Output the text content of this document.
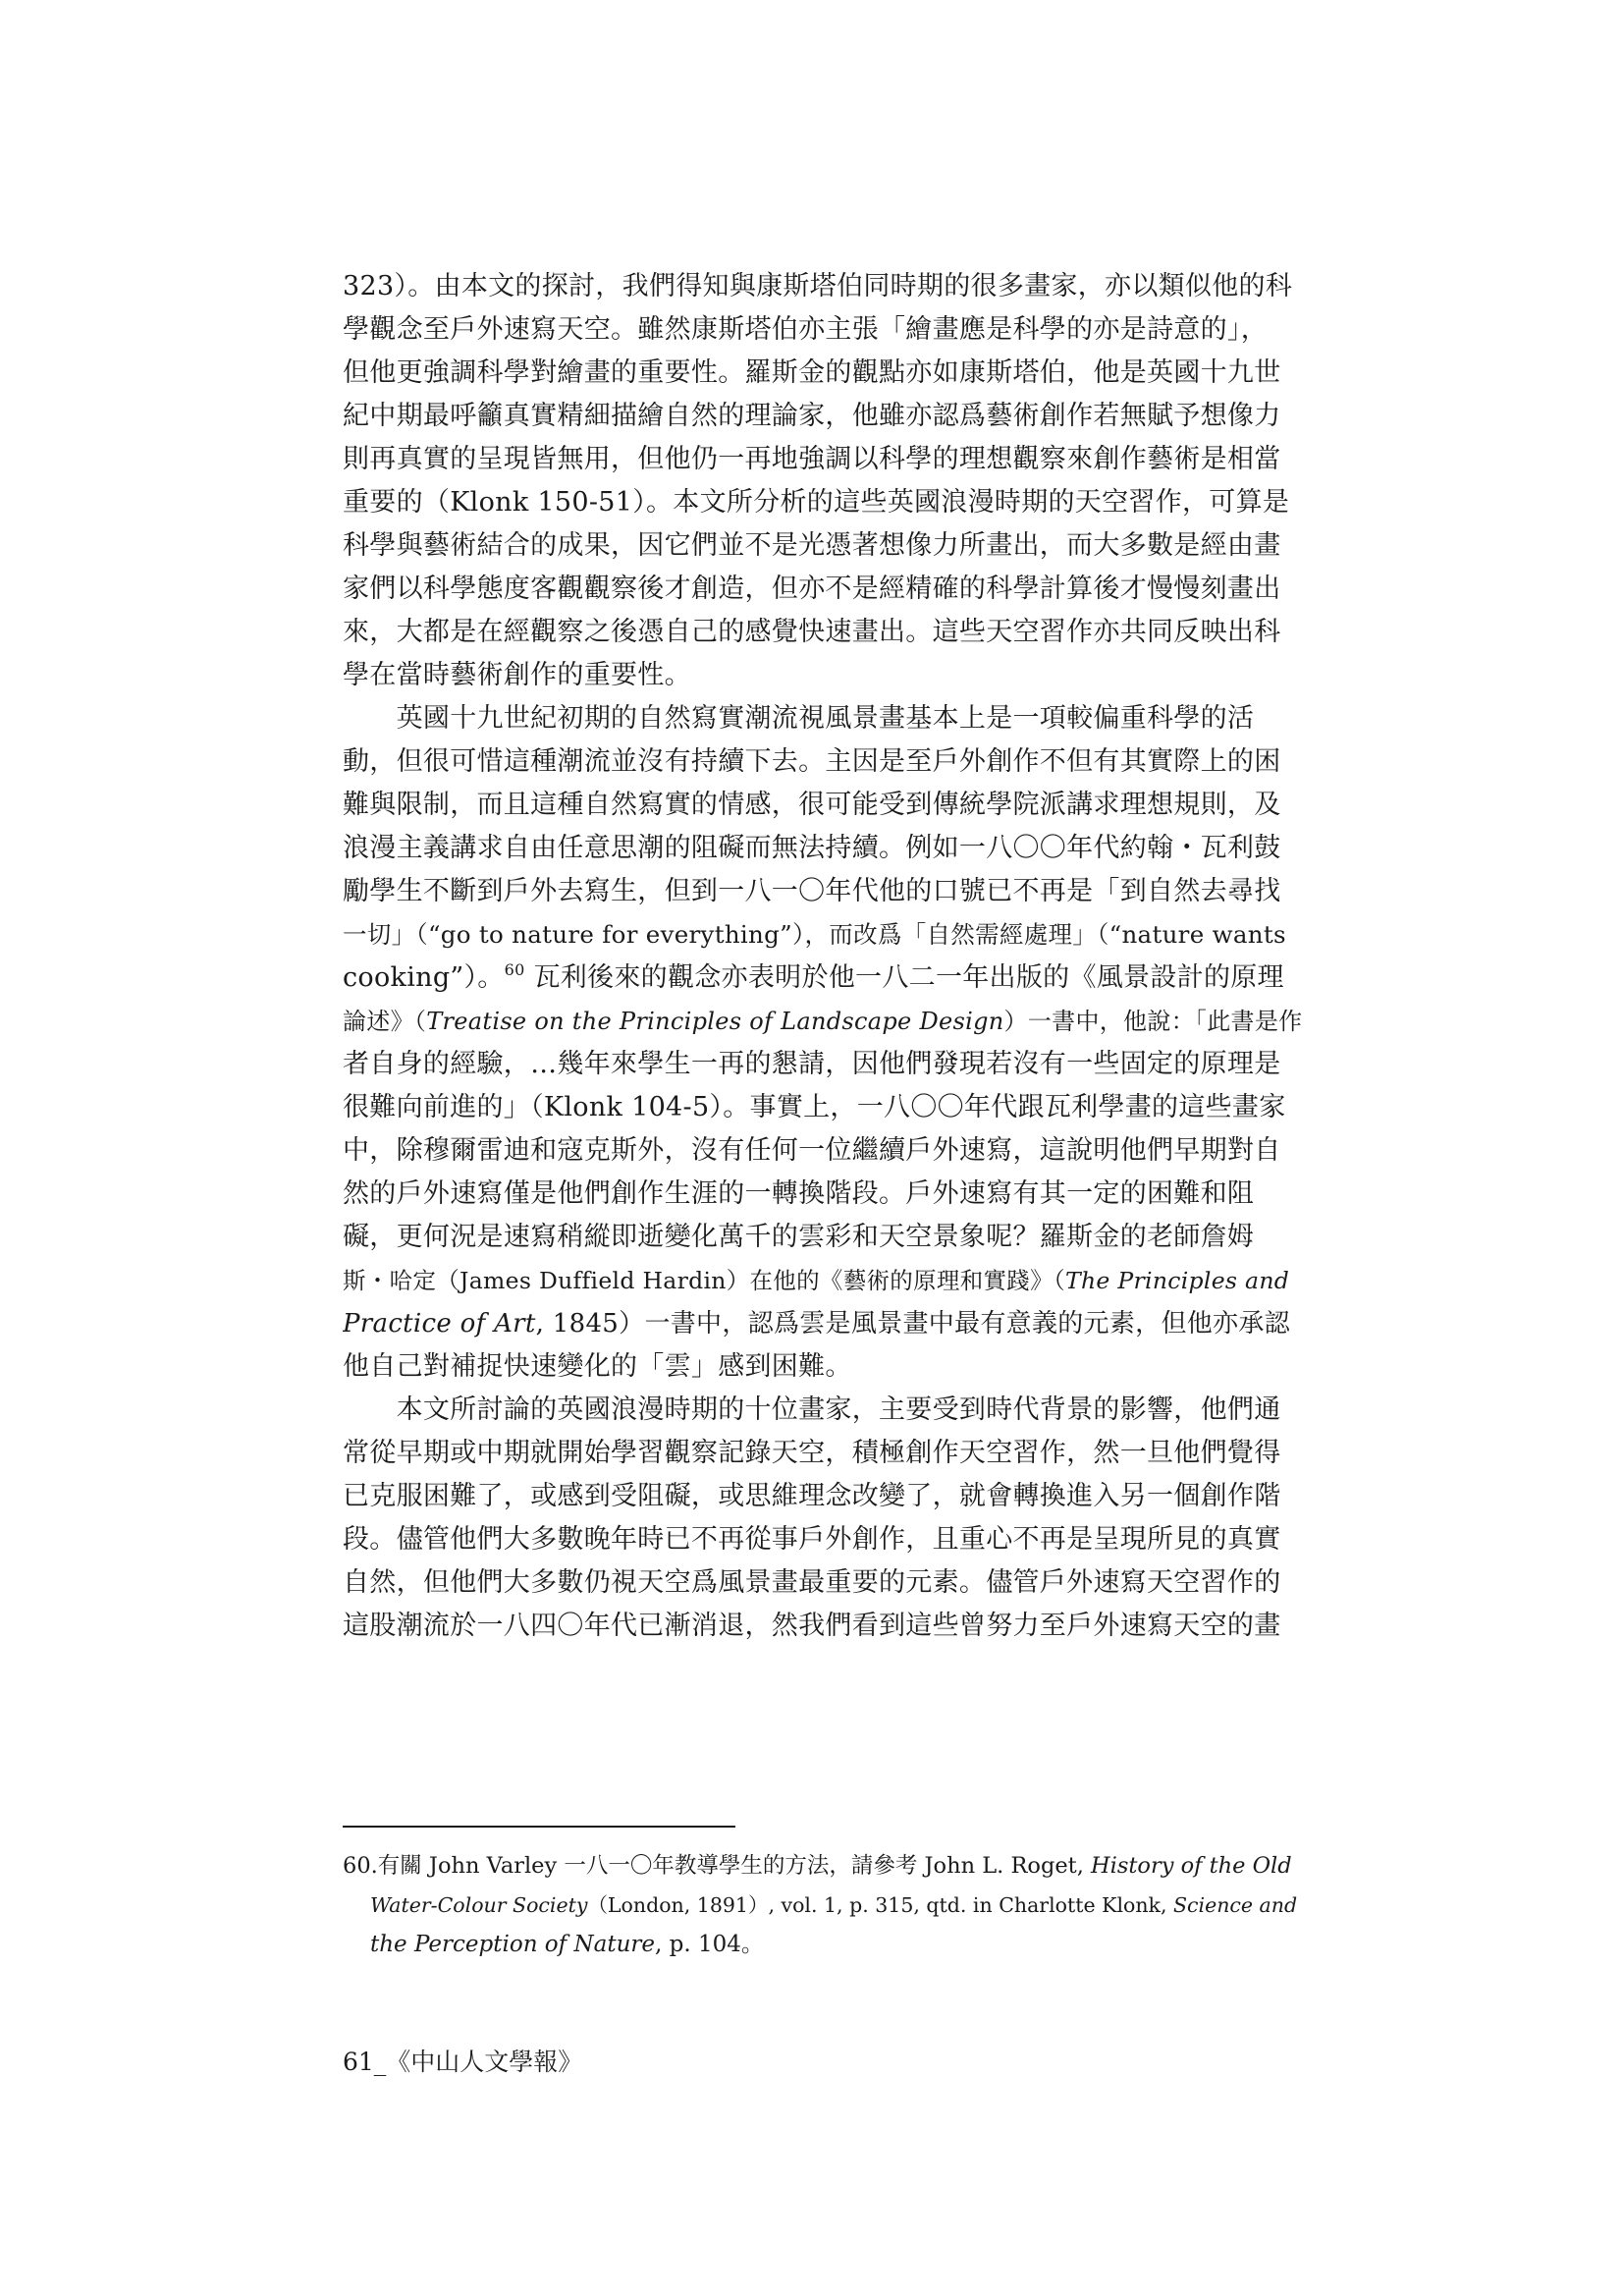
323）。由本文的探討，我們得知與康斯塔伯同時期的很多畫家，亦以類似他的科
學觀念至戶外速寫天空。雖然康斯塔伯亦主張「繪畫應是科學的亦是詩意的」，
但他更強調科學對繪畫的重要性。羅斯金的觀點亦如康斯塔伯，他是英國十九世
紀中期最呼籲真實精細描繪自然的理論家，他雖亦認爲藝術創作若無賦予想像力
則再真實的呈現皆無用，但他仍一再地強調以科學的理想觀察來創作藝術是相當
重要的（Klonk 150-51）。本文所分析的這些英國浪漫時期的天空習作，可算是
科學與藝術結合的成果，因它們並不是光憑著想像力所畫出，而大多數是經由畫
家們以科學態度客觀觀察後才創造，但亦不是經精確的科學計算後才慢慢刻畫出
來，大都是在經觀察之後憑自己的感覺快速畫出。這些天空習作亦共同反映出科
學在當時藝術創作的重要性。
　　英國十九世紀初期的自然寫實潮流視風景畫基本上是一項較偏重科學的活
動，但很可惜這種潮流並沒有持續下去。主因是至戶外創作不但有其實際上的困
難與限制，而且這種自然寫實的情感，很可能受到傳統學院派講求理想規則，及
浪漫主義講求自由任意思潮的阻礙而無法持續。例如一八〇〇年代約翰・瓦利鼓
勵學生不斷到戶外去寫生，但到一八一〇年代他的口號已不再是「到自然去尋找
一切」（“go to nature for everything”），而改爲「自然需經處理」（“nature wants
cooking”）。$^{60}$ 瓦利後來的觀念亦表明於他一八二一年出版的《風景設計的原理
論述》（Treatise on the Principles of Landscape Design）一書中，他說：「此書是作
者自身的經驗，…幾年來學生一再的懇請，因他們發現若沒有一些固定的原理是
很難向前進的」（Klonk 104-5）。事實上，一八〇〇年代跟瓦利學畫的這些畫家
中，除穆爾雷迪和寇克斯外，沒有任何一位繼續戶外速寫，這說明他們早期對自
然的戶外速寫僅是他們創作生涯的一轉換階段。戶外速寫有其一定的困難和阻
礙，更何況是速寫稍縱即逝變化萬千的雲彩和天空景象呢？羅斯金的老師詹姆
斯・哈定（James Duffield Hardin）在他的《藝術的原理和實踐》（The Principles and
Practice of Art, 1845）一書中，認爲雲是風景畫中最有意義的元素，但他亦承認
他自己對補捉快速變化的「雲」感到困難。
　　本文所討論的英國浪漫時期的十位畫家，主要受到時代背景的影響，他們通
常從早期或中期就開始學習觀察記錄天空，積極創作天空習作，然一旦他們覺得
已克服困難了，或感到受阻礙，或思維理念改變了，就會轉換進入另一個創作階
段。儘管他們大多數晚年時已不再從事戶外創作，且重心不再是呈現所見的真實
自然，但他們大多數仍視天空爲風景畫最重要的元素。儘管戶外速寫天空習作的
這股潮流於一八四〇年代已漸消退，然我們看到這些曾努力至戶外速寫天空的畫
60.有關 John Varley 一八一〇年教導學生的方法，請參考 John L. Roget, History of the Old
Water-Colour Society（London, 1891）, vol. 1, p. 315, qtd. in Charlotte Klonk, Science and
the Perception of Nature, p. 104。
61_《中山人文學報》
